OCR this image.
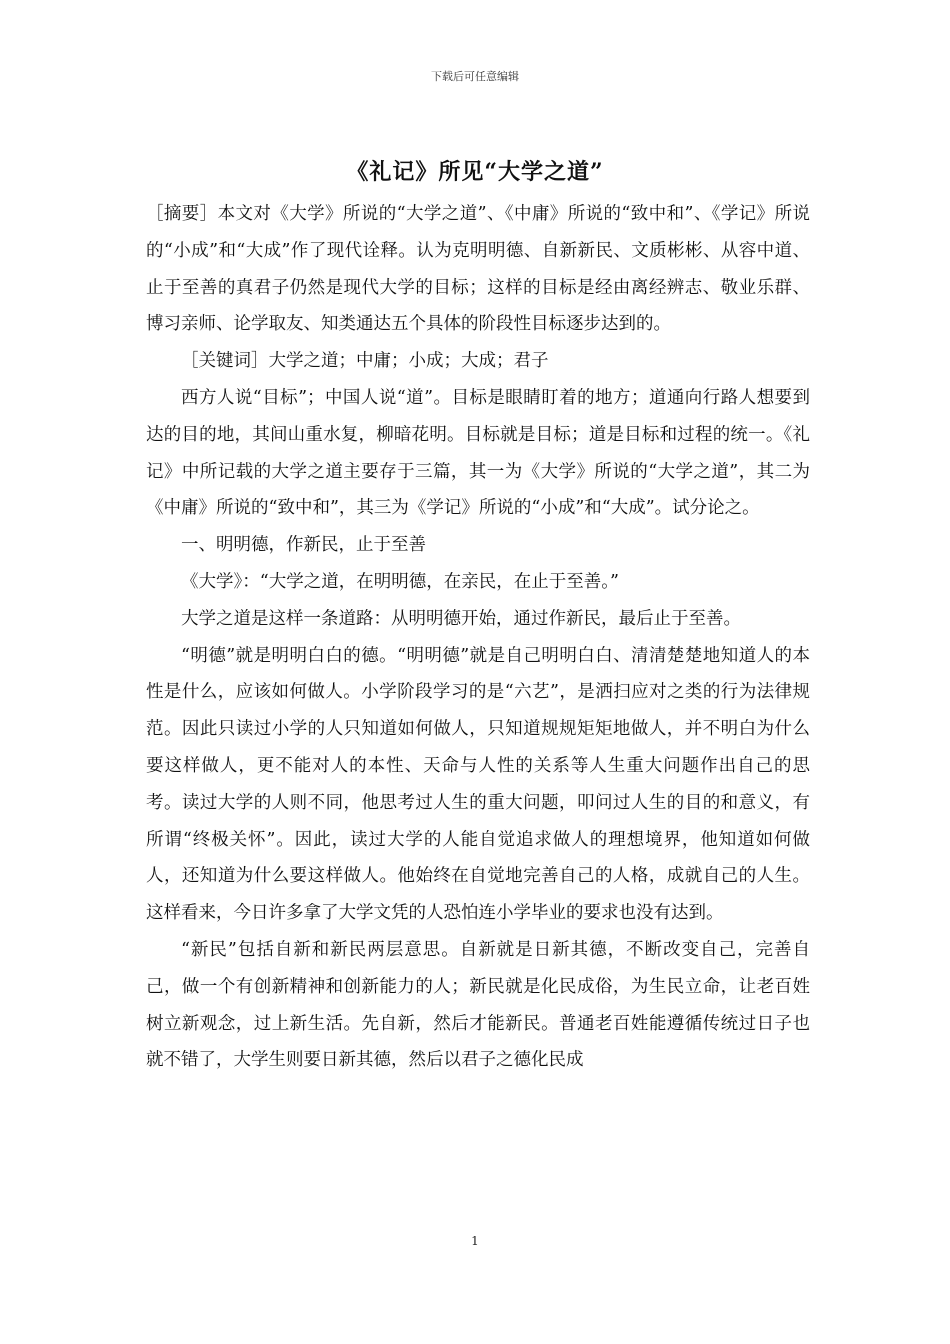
下载后可任意编辑
《礼记》所见“大学之道”

［摘要］本文对《大学》所说的“大学之道”、《中庸》所说的“致中和”、《学记》所说的“小成”和“大成”作了现代诠释。认为克明明德、自新新民、文质彬彬、从容中道、止于至善的真君子仍然是现代大学的目标；这样的目标是经由离经辨志、敬业乐群、博习亲师、论学取友、知类通达五个具体的阶段性目标逐步达到的。

［关键词］大学之道；中庸；小成；大成；君子

西方人说“目标”；中国人说“道”。目标是眼睛盯着的地方；道通向行路人想要到达的目的地，其间山重水复，柳暗花明。目标就是目标；道是目标和过程的统一。《礼记》中所记载的大学之道主要存于三篇，其一为《大学》所说的“大学之道”，其二为《中庸》所说的“致中和”，其三为《学记》所说的“小成”和“大成”。试分论之。

一、明明德，作新民，止于至善

《大学》：“大学之道，在明明德，在亲民，在止于至善。”

大学之道是这样一条道路：从明明德开始，通过作新民，最后止于至善。

“明德”就是明明白白的德。“明明德”就是自己明明白白、清清楚楚地知道人的本性是什么，应该如何做人。小学阶段学习的是“六艺”，是洒扫应对之类的行为法律规范。因此只读过小学的人只知道如何做人，只知道规规矩矩地做人，并不明白为什么要这样做人，更不能对人的本性、天命与人性的关系等人生重大问题作出自己的思考。读过大学的人则不同，他思考过人生的重大问题，叩问过人生的目的和意义，有所谓“终极关怀”。因此，读过大学的人能自觉追求做人的理想境界，他知道如何做人，还知道为什么要这样做人。他始终在自觉地完善自己的人格，成就自己的人生。这样看来，今日许多拿了大学文凭的人恐怕连小学毕业的要求也没有达到。

“新民”包括自新和新民两层意思。自新就是日新其德，不断改变自己，完善自己，做一个有创新精神和创新能力的人；新民就是化民成俗，为生民立命，让老百姓树立新观念，过上新生活。先自新，然后才能新民。普通老百姓能遵循传统过日子也就不错了，大学生则要日新其德，然后以君子之德化民成

1
